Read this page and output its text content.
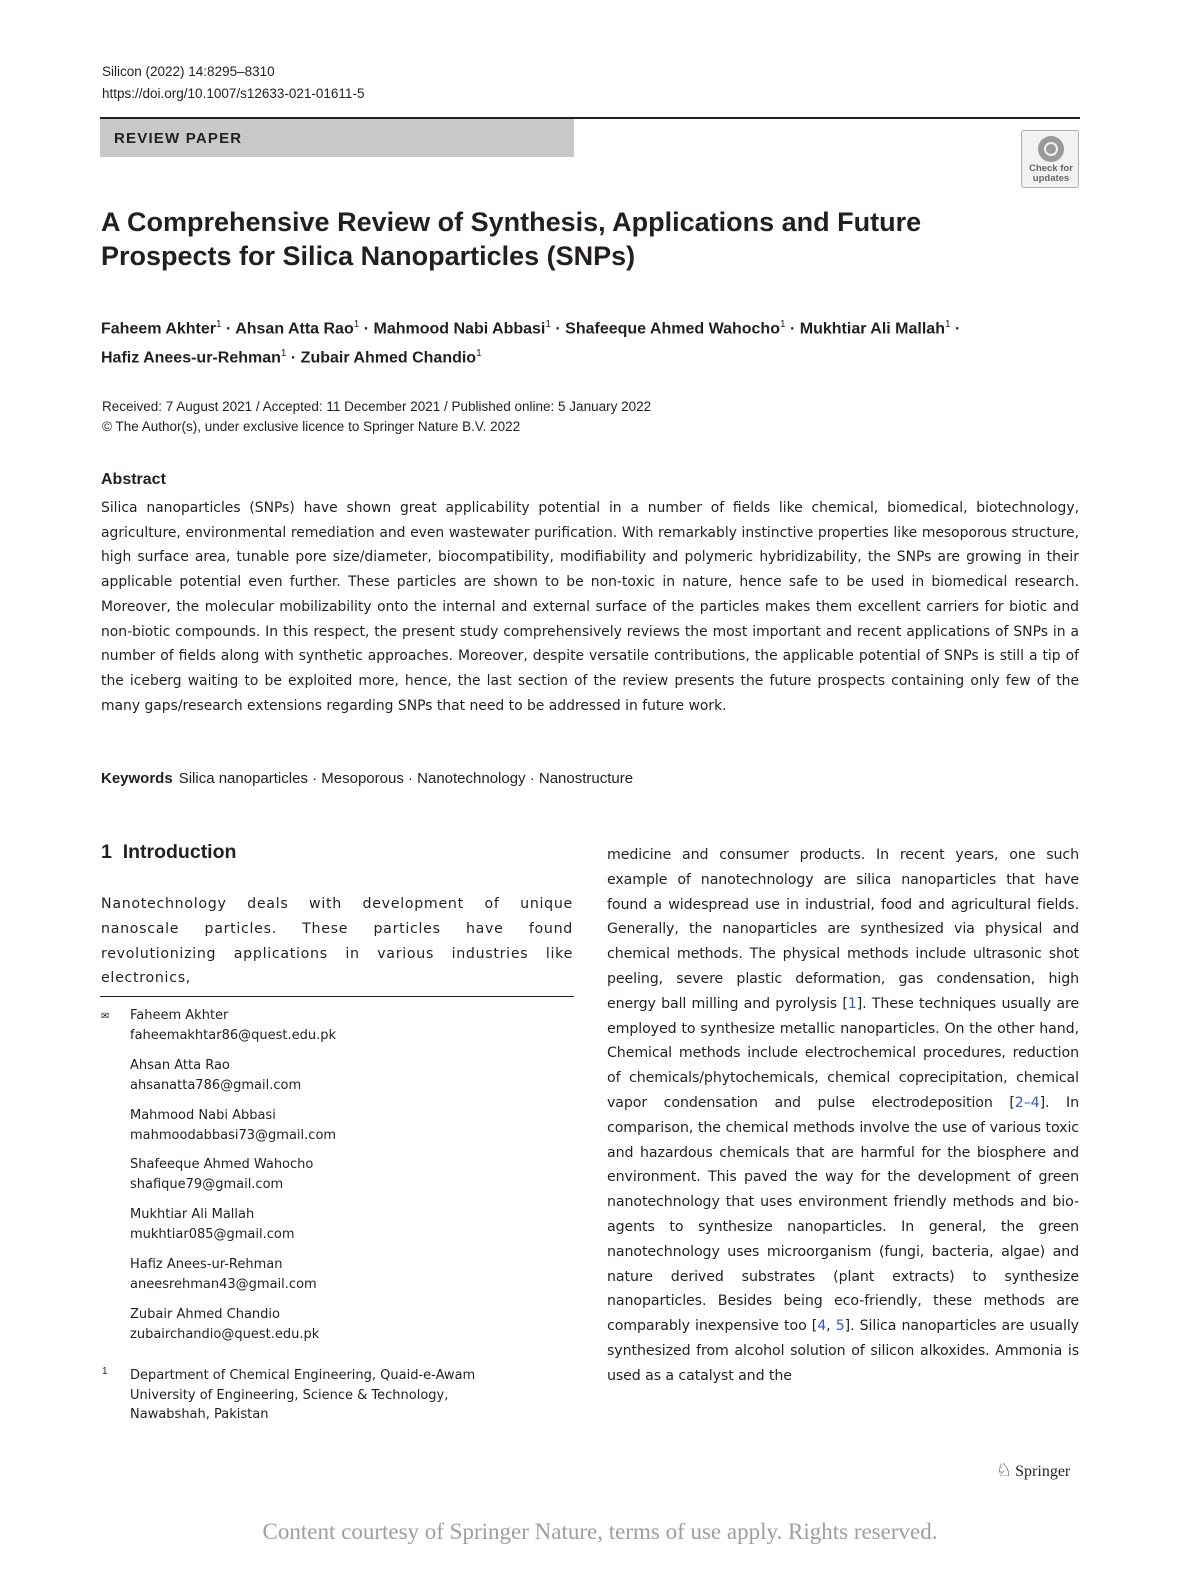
Silicon (2022) 14:8295–8310
https://doi.org/10.1007/s12633-021-01611-5
REVIEW PAPER
Check for
updates
A Comprehensive Review of Synthesis, Applications and Future
Prospects for Silica Nanoparticles (SNPs)
Faheem Akhter$^1$ · Ahsan Atta Rao$^1$ · Mahmood Nabi Abbasi$^1$ · Shafeeque Ahmed Wahocho$^1$ · Mukhtiar Ali Mallah$^1$ ·
Hafiz Anees-ur-Rehman$^1$ · Zubair Ahmed Chandio$^1$
Received: 7 August 2021 / Accepted: 11 December 2021 / Published online: 5 January 2022
© The Author(s), under exclusive licence to Springer Nature B.V. 2022
Abstract

Silica nanoparticles (SNPs) have shown great applicability potential in a number of fields like chemical, biomedical, biotechnology, agriculture, environmental remediation and even wastewater purification. With remarkably instinctive properties like mesoporous structure, high surface area, tunable pore size/diameter, biocompatibility, modifiability and polymeric hybridizability, the SNPs are growing in their applicable potential even further. These particles are shown to be non-toxic in nature, hence safe to be used in biomedical research. Moreover, the molecular mobilizability onto the internal and external surface of the particles makes them excellent carriers for biotic and non-biotic compounds. In this respect, the present study comprehensively reviews the most important and recent applications of SNPs in a number of fields along with synthetic approaches. Moreover, despite versatile contributions, the applicable potential of SNPs is still a tip of the iceberg waiting to be exploited more, hence, the last section of the review presents the future prospects containing only few of the many gaps/research extensions regarding SNPs that need to be addressed in future work.

Keywords Silica nanoparticles · Mesoporous · Nanotechnology · Nanostructure
1 Introduction

Nanotechnology deals with development of unique nanoscale particles. These particles have found revolutionizing applications in various industries like electronics,

medicine and consumer products. In recent years, one such example of nanotechnology are silica nanoparticles that have found a widespread use in industrial, food and agricultural fields. Generally, the nanoparticles are synthesized via physical and chemical methods. The physical methods include ultrasonic shot peeling, severe plastic deformation, gas condensation, high energy ball milling and pyrolysis [1]. These techniques usually are employed to synthesize metallic nanoparticles. On the other hand, Chemical methods include electrochemical procedures, reduction of chemicals/phytochemicals, chemical coprecipitation, chemical vapor condensation and pulse electrodeposition [2–4]. In comparison, the chemical methods involve the use of various toxic and hazardous chemicals that are harmful for the biosphere and environment. This paved the way for the development of green nanotechnology that uses environment friendly methods and bio-agents to synthesize nanoparticles. In general, the green nanotechnology uses microorganism (fungi, bacteria, algae) and nature derived substrates (plant extracts) to synthesize nanoparticles. Besides being eco-friendly, these methods are comparably inexpensive too [4, 5]. Silica nanoparticles are usually synthesized from alcohol solution of silicon alkoxides. Ammonia is used as a catalyst and the

✉ Faheem Akhter
faheemakhtar86@quest.edu.pk
Ahsan Atta Rao
ahsanatta786@gmail.com
Mahmood Nabi Abbasi
mahmoodabbasi73@gmail.com
Shafeeque Ahmed Wahocho
shafique79@gmail.com
Mukhtiar Ali Mallah
mukhtiar085@gmail.com
Hafiz Anees-ur-Rehman
aneesrehman43@gmail.com
Zubair Ahmed Chandio
zubairchandio@quest.edu.pk
1 Department of Chemical Engineering, Quaid-e-Awam
University of Engineering, Science & Technology,
Nawabshah, Pakistan
♘ Springer
Content courtesy of Springer Nature, terms of use apply. Rights reserved.
